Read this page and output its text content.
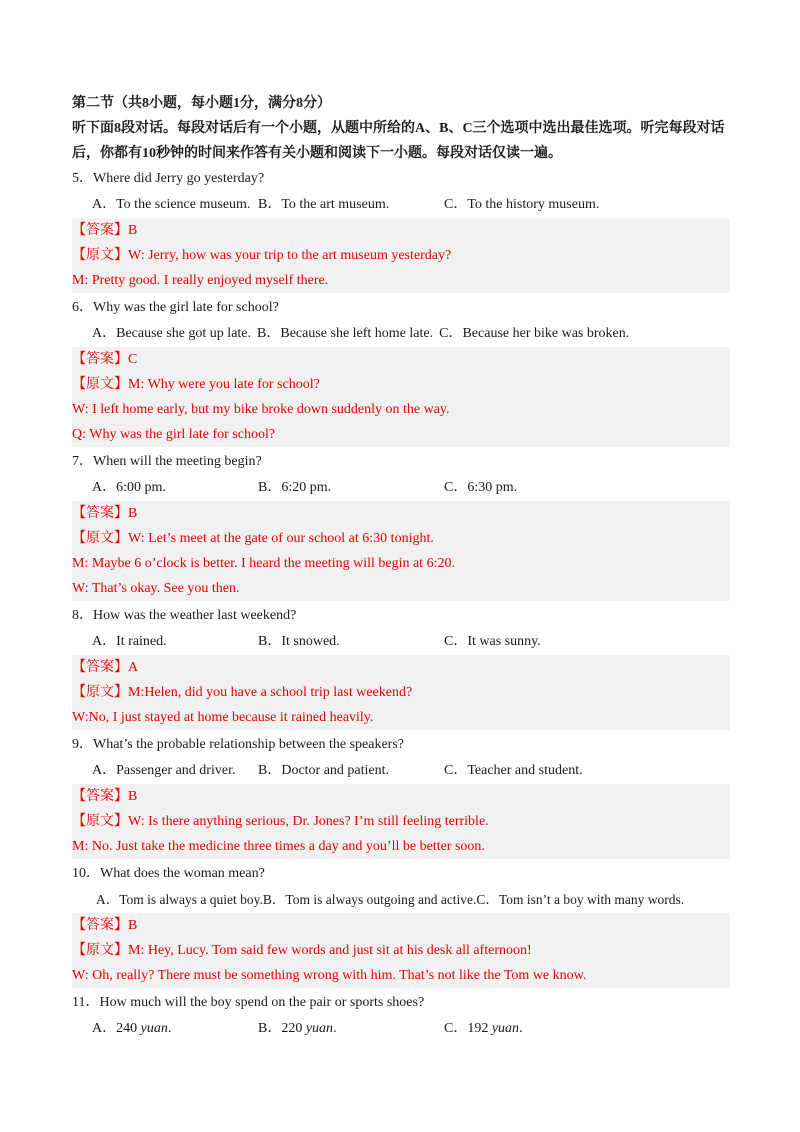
第二节（共8小题，每小题1分，满分8分）
听下面8段对话。每段对话后有一个小题，从题中所给的A、B、C三个选项中选出最佳选项。听完每段对话后，你都有10秒钟的时间来作答有关小题和阅读下一小题。每段对话仅读一遍。
5．Where did Jerry go yesterday?
A．To the science museum. B．To the art museum.	C．To the history museum.
【答案】B
【原文】W: Jerry, how was your trip to the art museum yesterday?
M: Pretty good. I really enjoyed myself there.
6．Why was the girl late for school?
A．Because she got up late. B．Because she left home late. C．Because her bike was broken.
【答案】C
【原文】M: Why were you late for school?
W: I left home early, but my bike broke down suddenly on the way.
Q: Why was the girl late for school?
7．When will the meeting begin?
A．6:00 pm.	B．6:20 pm.	C．6:30 pm.
【答案】B
【原文】W: Let’s meet at the gate of our school at 6:30 tonight.
M: Maybe 6 o’clock is better. I heard the meeting will begin at 6:20.
W: That’s okay. See you then.
8．How was the weather last weekend?
A．It rained.	B．It snowed.	C．It was sunny.
【答案】A
【原文】M:Helen, did you have a school trip last weekend?
W:No, I just stayed at home because it rained heavily.
9．What’s the probable relationship between the speakers?
A．Passenger and driver.	B．Doctor and patient.	C．Teacher and student.
【答案】B
【原文】W: Is there anything serious, Dr. Jones? I’m still feeling terrible.
M: No. Just take the medicine three times a day and you’ll be better soon.
10．What does the woman mean?
A．Tom is always a quiet boy.B．Tom is always outgoing and active.C．Tom isn’t a boy with many words.
【答案】B
【原文】M: Hey, Lucy. Tom said few words and just sit at his desk all afternoon!
W: Oh, really? There must be something wrong with him. That’s not like the Tom we know.
11．How much will the boy spend on the pair or sports shoes?
A．240 yuan.	B．220 yuan.	C．192 yuan.
